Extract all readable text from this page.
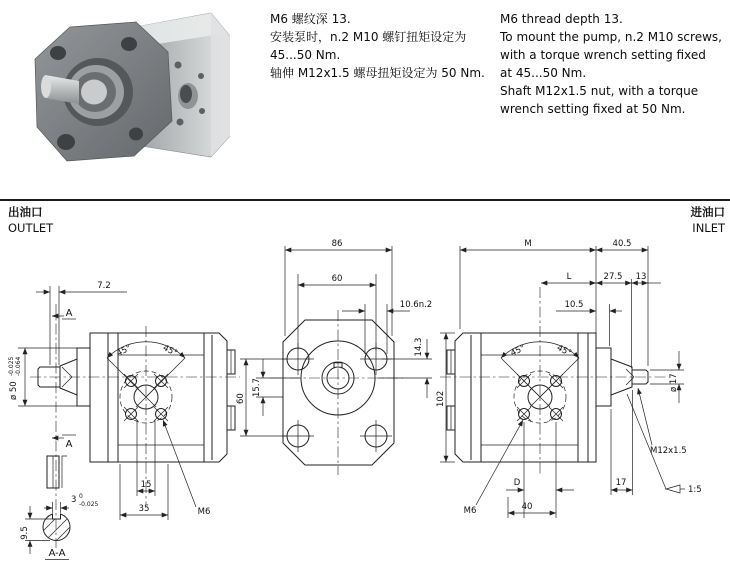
M6 螺纹深 13.
安装泵时，n.2 M10 螺钉扭矩设定为
45...50 Nm.
轴伸 M12x1.5 螺母扭矩设定为 50 Nm.
M6 thread depth 13.
To mount the pump, n.2 M10 screws,
with a torque wrench setting fixed
at 45...50 Nm.
Shaft M12x1.5 nut, with a torque
wrench setting fixed at 50 Nm.
出油口
OUTLET
进油口
INLET
45°	45°
7.2
A
A
ø 50
-0.025 -0.064
3 0
-0.025
9.5
A-A
15
35	M6
86
60
10.6n.2
14.3
15.7
60	102
45°	45°
M	40.5
L	27.5 13
10.5
17
M12x1.5
1:5
ø 17
D
40
M6
